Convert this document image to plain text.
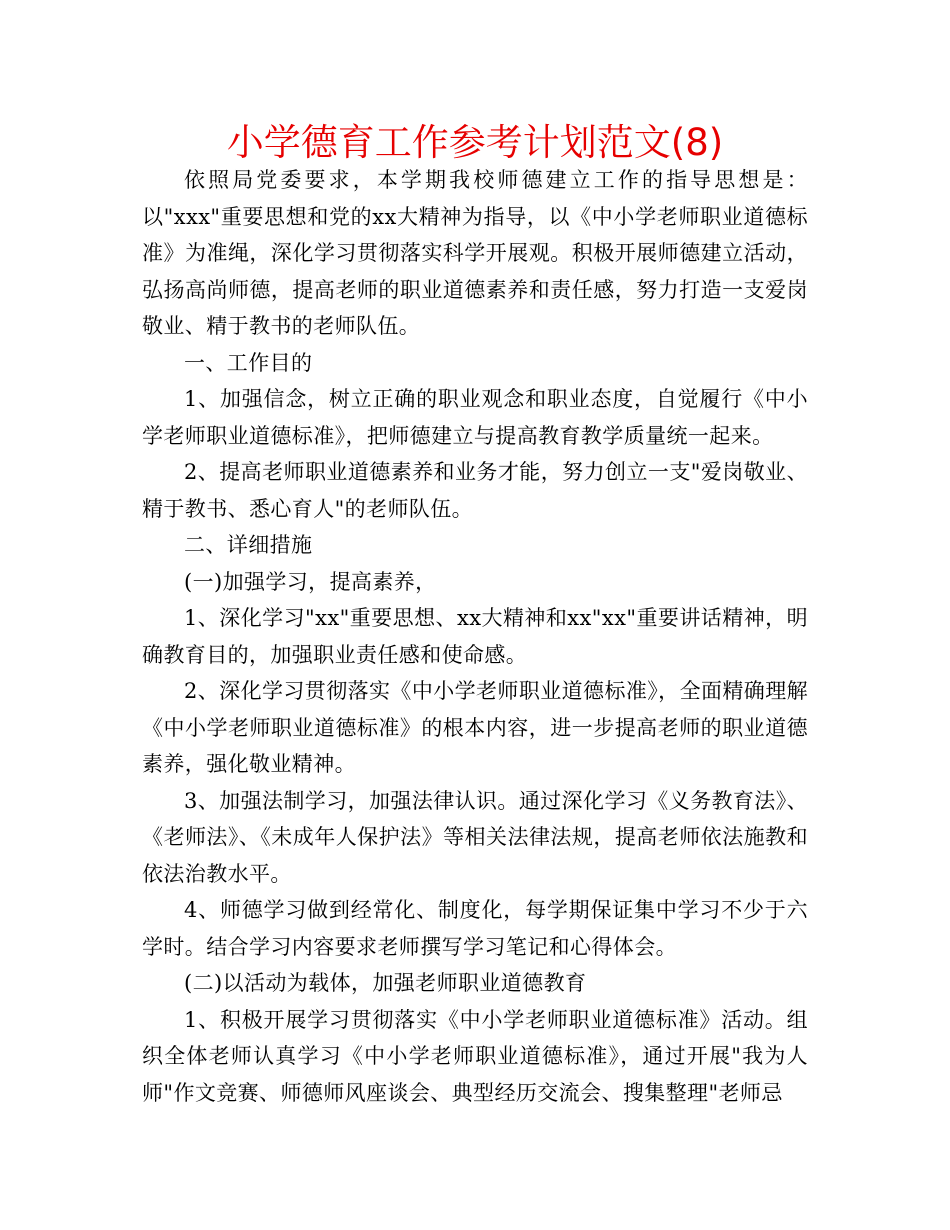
小学德育工作参考计划范文(8)

依照局党委要求，本学期我校师德建立工作的指导思想是：以"xxx"重要思想和党的xx大精神为指导，以《中小学老师职业道德标准》为准绳，深化学习贯彻落实科学开展观。积极开展师德建立活动，弘扬高尚师德，提高老师的职业道德素养和责任感，努力打造一支爱岗敬业、精于教书的老师队伍。

一、工作目的

1、加强信念，树立正确的职业观念和职业态度，自觉履行《中小学老师职业道德标准》，把师德建立与提高教育教学质量统一起来。

2、提高老师职业道德素养和业务才能，努力创立一支"爱岗敬业、精于教书、悉心育人"的老师队伍。

二、详细措施

(一)加强学习，提高素养，

1、深化学习"xx"重要思想、xx大精神和xx"xx"重要讲话精神，明确教育目的，加强职业责任感和使命感。

2、深化学习贯彻落实《中小学老师职业道德标准》，全面精确理解《中小学老师职业道德标准》的根本内容，进一步提高老师的职业道德素养，强化敬业精神。

3、加强法制学习，加强法律认识。通过深化学习《义务教育法》、《老师法》、《未成年人保护法》等相关法律法规，提高老师依法施教和依法治教水平。

4、师德学习做到经常化、制度化，每学期保证集中学习不少于六学时。结合学习内容要求老师撰写学习笔记和心得体会。

(二)以活动为载体，加强老师职业道德教育

1、积极开展学习贯彻落实《中小学老师职业道德标准》活动。组织全体老师认真学习《中小学老师职业道德标准》，通过开展"我为人师"作文竞赛、师德师风座谈会、典型经历交流会、搜集整理"老师忌
